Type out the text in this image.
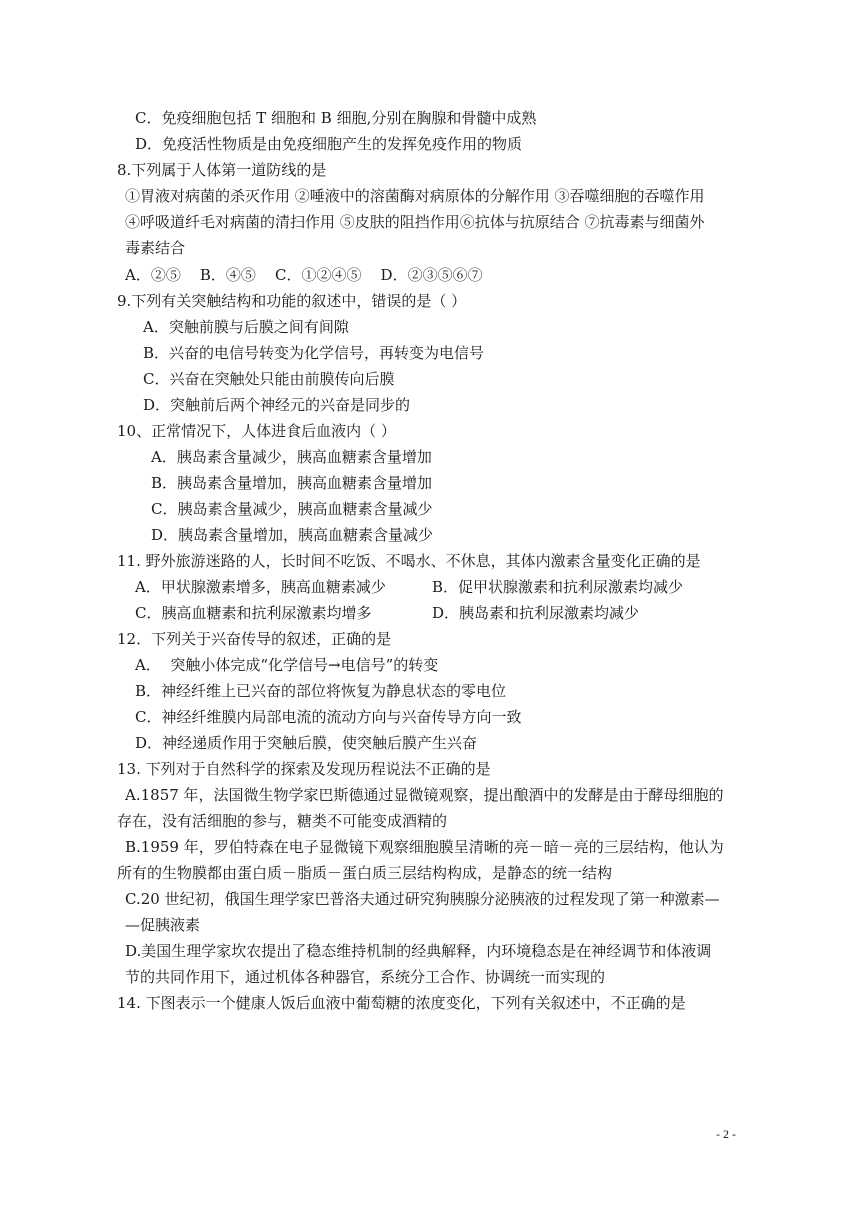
C．免疫细胞包括 T 细胞和 B 细胞,分别在胸腺和骨髓中成熟
D．免疫活性物质是由免疫细胞产生的发挥免疫作用的物质
8.下列属于人体第一道防线的是
①胃液对病菌的杀灭作用 ②唾液中的溶菌酶对病原体的分解作用 ③吞噬细胞的吞噬作用
④呼吸道纤毛对病菌的清扫作用 ⑤皮肤的阻挡作用⑥抗体与抗原结合 ⑦抗毒素与细菌外
毒素结合
A．②⑤    B．④⑤    C．①②④⑤    D．②③⑤⑥⑦
9.下列有关突触结构和功能的叙述中，错误的是（ ）
A．突触前膜与后膜之间有间隙
B．兴奋的电信号转变为化学信号，再转变为电信号
C．兴奋在突触处只能由前膜传向后膜
D．突触前后两个神经元的兴奋是同步的
10、正常情况下，人体进食后血液内（ ）
A．胰岛素含量减少，胰高血糖素含量增加
B．胰岛素含量增加，胰高血糖素含量增加
C．胰岛素含量减少，胰高血糖素含量减少
D．胰岛素含量增加，胰高血糖素含量减少
11. 野外旅游迷路的人，长时间不吃饭、不喝水、不休息，其体内激素含量变化正确的是
A．甲状腺激素增多，胰高血糖素减少	B．促甲状腺激素和抗利尿激素均减少
C．胰高血糖素和抗利尿激素均增多	D．胰岛素和抗利尿激素均减少
12．下列关于兴奋传导的叙述，正确的是
A．  突触小体完成“化学信号→电信号”的转变
B．神经纤维上已兴奋的部位将恢复为静息状态的零电位
C．神经纤维膜内局部电流的流动方向与兴奋传导方向一致
D．神经递质作用于突触后膜，使突触后膜产生兴奋
13. 下列对于自然科学的探索及发现历程说法不正确的是
A.1857 年，法国微生物学家巴斯德通过显微镜观察，提出酿酒中的发酵是由于酵母细胞的
存在，没有活细胞的参与，糖类不可能变成酒精的
B.1959 年，罗伯特森在电子显微镜下观察细胞膜呈清晰的亮－暗－亮的三层结构，他认为
所有的生物膜都由蛋白质－脂质－蛋白质三层结构构成，是静态的统一结构
C.20 世纪初，俄国生理学家巴普洛夫通过研究狗胰腺分泌胰液的过程发现了第一种激素—
—促胰液素
D.美国生理学家坎农提出了稳态维持机制的经典解释，内环境稳态是在神经调节和体液调
节的共同作用下，通过机体各种器官，系统分工合作、协调统一而实现的
14. 下图表示一个健康人饭后血液中葡萄糖的浓度变化，下列有关叙述中，不正确的是
- 2 -
